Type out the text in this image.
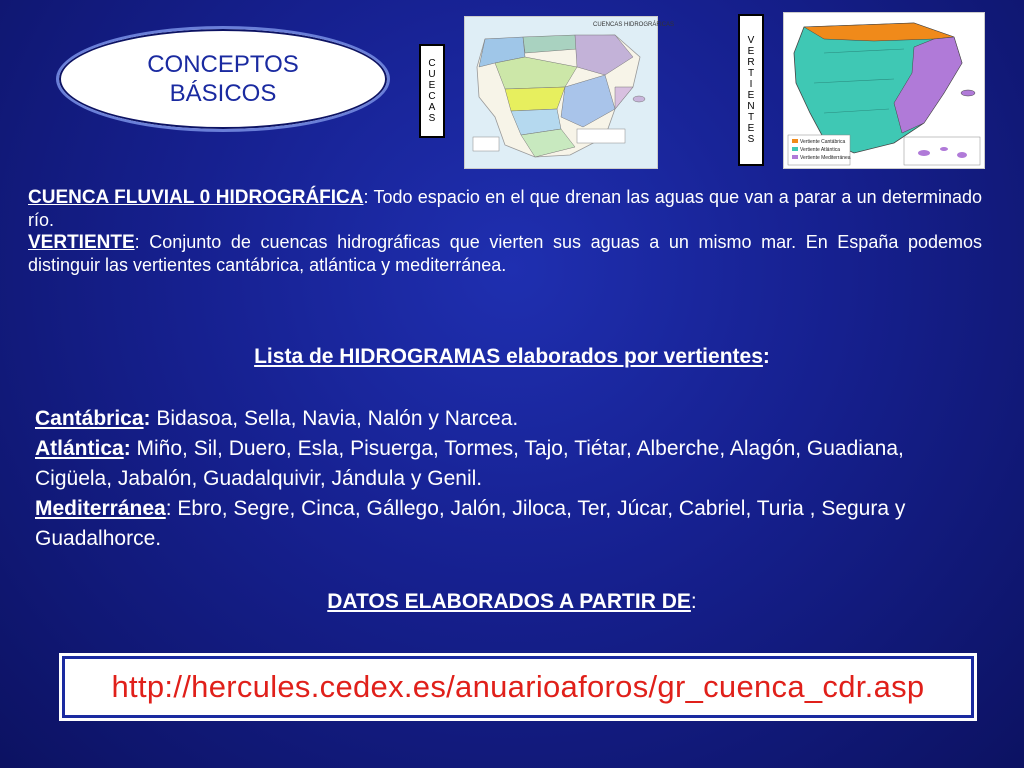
CONCEPTOS
BÁSICOS
C
U
E
C
A
S
CUENCAS HIDROGRÁFICAS
V
E
R
T
I
E
N
T
E
S	Vertiente Cantábrica
Vertiente Atlántica
Vertiente Mediterránea
CUENCA FLUVIAL 0 HIDROGRÁFICA: Todo espacio en el que drenan las aguas que van a parar a un determinado río.
VERTIENTE: Conjunto de cuencas hidrográficas que vierten sus aguas a un mismo mar. En España podemos distinguir las vertientes cantábrica, atlántica y mediterránea.
Lista de HIDROGRAMAS elaborados por vertientes:
Cantábrica: Bidasoa, Sella, Navia, Nalón y Narcea.
Atlántica: Miño, Sil, Duero, Esla, Pisuerga, Tormes, Tajo, Tiétar, Alberche, Alagón, Guadiana, Cigüela, Jabalón, Guadalquivir, Jándula y Genil.
Mediterránea: Ebro, Segre, Cinca, Gállego, Jalón, Jiloca, Ter, Júcar, Cabriel, Turia , Segura y Guadalhorce.
DATOS ELABORADOS A PARTIR DE:
http://hercules.cedex.es/anuarioaforos/gr_cuenca_cdr.asp
